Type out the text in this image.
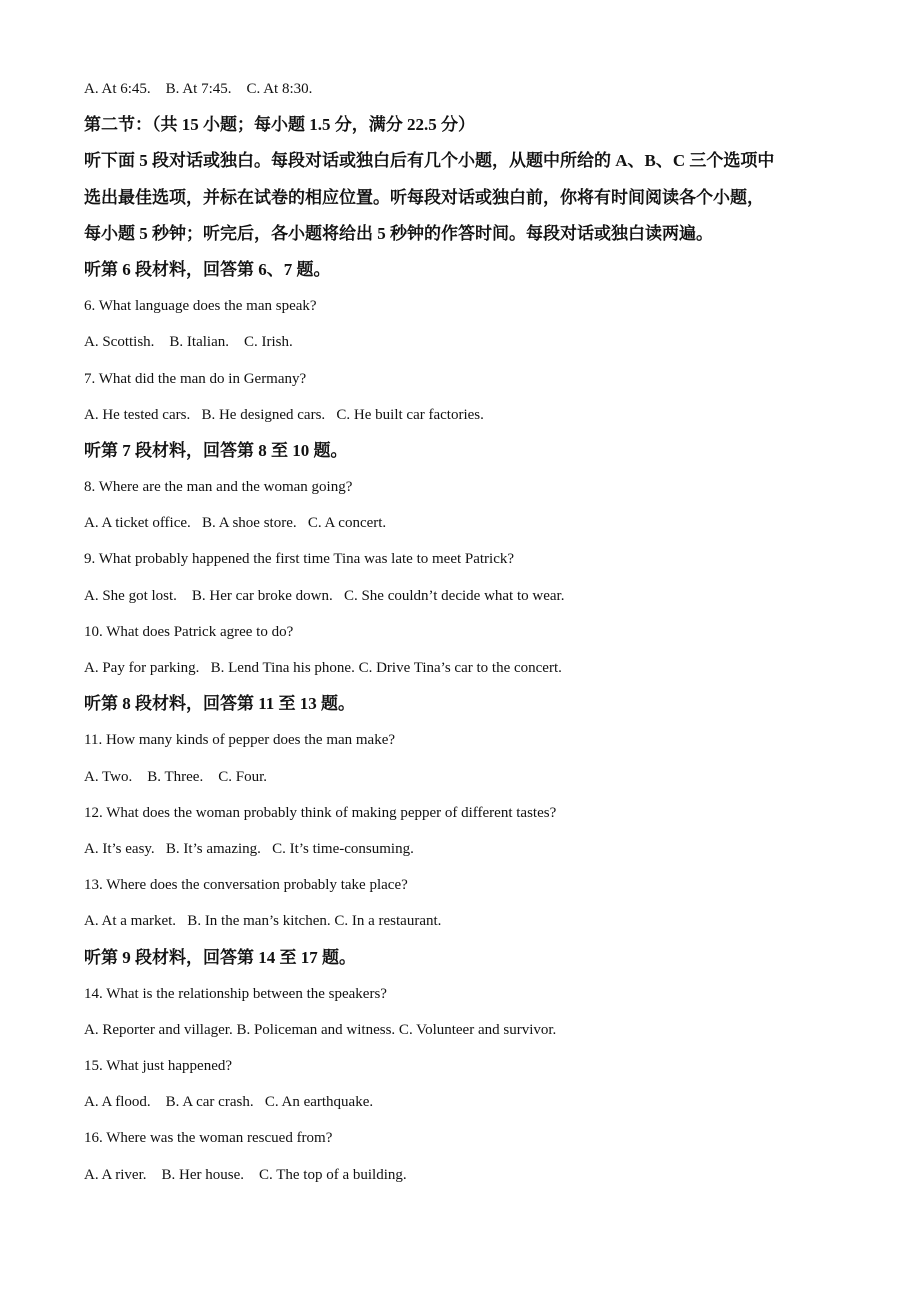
A. At 6:45.    B. At 7:45.    C. At 8:30.
第二节：（共 15 小题；每小题 1.5 分，满分 22.5 分）
听下面 5 段对话或独白。每段对话或独白后有几个小题，从题中所给的 A、B、C 三个选项中
选出最佳选项，并标在试卷的相应位置。听每段对话或独白前，你将有时间阅读各个小题，
每小题 5 秒钟；听完后，各小题将给出 5 秒钟的作答时间。每段对话或独白读两遍。
听第 6 段材料，回答第 6、7 题。
6. What language does the man speak?
A. Scottish.    B. Italian.    C. Irish.
7. What did the man do in Germany?
A. He tested cars.   B. He designed cars.   C. He built car factories.
听第 7 段材料，回答第 8 至 10 题。
8. Where are the man and the woman going?
A. A ticket office.   B. A shoe store.   C. A concert.
9. What probably happened the first time Tina was late to meet Patrick?
A. She got lost.    B. Her car broke down.   C. She couldn’t decide what to wear.
10. What does Patrick agree to do?
A. Pay for parking.   B. Lend Tina his phone. C. Drive Tina’s car to the concert.
听第 8 段材料，回答第 11 至 13 题。
11. How many kinds of pepper does the man make?
A. Two.    B. Three.    C. Four.
12. What does the woman probably think of making pepper of different tastes?
A. It’s easy.   B. It’s amazing.   C. It’s time-consuming.
13. Where does the conversation probably take place?
A. At a market.   B. In the man’s kitchen. C. In a restaurant.
听第 9 段材料，回答第 14 至 17 题。
14. What is the relationship between the speakers?
A. Reporter and villager. B. Policeman and witness. C. Volunteer and survivor.
15. What just happened?
A. A flood.    B. A car crash.   C. An earthquake.
16. Where was the woman rescued from?
A. A river.    B. Her house.    C. The top of a building.
